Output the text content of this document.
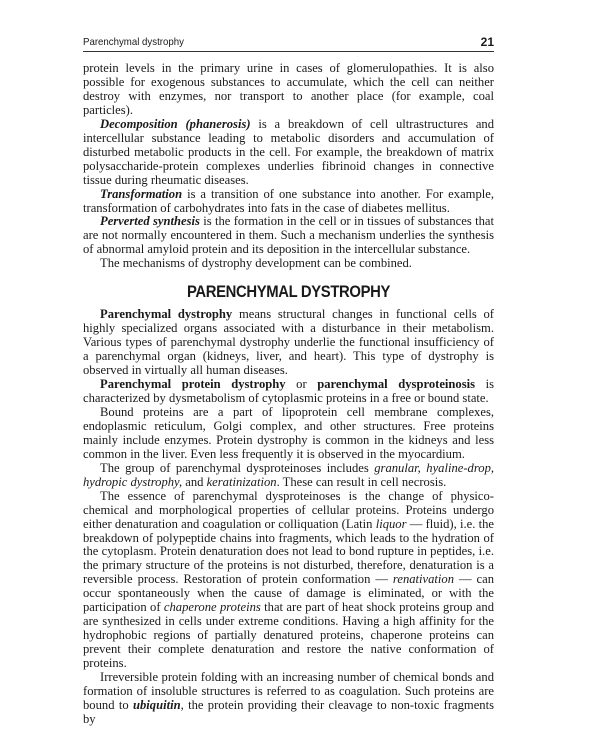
Parenchymal dystrophy	21

protein levels in the primary urine in cases of glomerulopathies. It is also possible for exogenous substances to accumulate, which the cell can neither destroy with enzymes, nor transport to another place (for example, coal particles).

Decomposition (phanerosis) is a breakdown of cell ultrastructures and intercellular substance leading to metabolic disorders and accumulation of disturbed metabolic products in the cell. For example, the breakdown of matrix polysaccharide-protein complexes underlies fibrinoid changes in connective tissue during rheumatic diseases.

Transformation is a transition of one substance into another. For example, transformation of carbohydrates into fats in the case of diabetes mellitus.

Perverted synthesis is the formation in the cell or in tissues of substances that are not normally encountered in them. Such a mechanism underlies the synthesis of abnormal amyloid protein and its deposition in the intercellular substance.

The mechanisms of dystrophy development can be combined.

PARENCHYMAL DYSTROPHY

Parenchymal dystrophy means structural changes in functional cells of highly specialized organs associated with a disturbance in their metabolism. Various types of parenchymal dystrophy underlie the functional insufficiency of a parenchymal organ (kidneys, liver, and heart). This type of dystrophy is observed in virtually all human diseases.

Parenchymal protein dystrophy or parenchymal dysproteinosis is characterized by dysmetabolism of cytoplasmic proteins in a free or bound state.

Bound proteins are a part of lipoprotein cell membrane complexes, endoplasmic reticulum, Golgi complex, and other structures. Free proteins mainly include enzymes. Protein dystrophy is common in the kidneys and less common in the liver. Even less frequently it is observed in the myocardium.

The group of parenchymal dysproteinoses includes granular, hyaline-drop, hydropic dystrophy, and keratinization. These can result in cell necrosis.

The essence of parenchymal dysproteinoses is the change of physico-chemical and morphological properties of cellular proteins. Proteins undergo either denaturation and coagulation or colliquation (Latin liquor — fluid), i.e. the breakdown of polypeptide chains into fragments, which leads to the hydration of the cytoplasm. Protein denaturation does not lead to bond rupture in peptides, i.e. the primary structure of the proteins is not disturbed, therefore, denaturation is a reversible process. Restoration of protein conformation — renativation — can occur spontaneously when the cause of damage is eliminated, or with the participation of chaperone proteins that are part of heat shock proteins group and are synthesized in cells under extreme conditions. Having a high affinity for the hydrophobic regions of partially denatured proteins, chaperone proteins can prevent their complete denaturation and restore the native conformation of proteins.

Irreversible protein folding with an increasing number of chemical bonds and formation of insoluble structures is referred to as coagulation. Such proteins are bound to ubiquitin, the protein providing their cleavage to non-toxic fragments by
